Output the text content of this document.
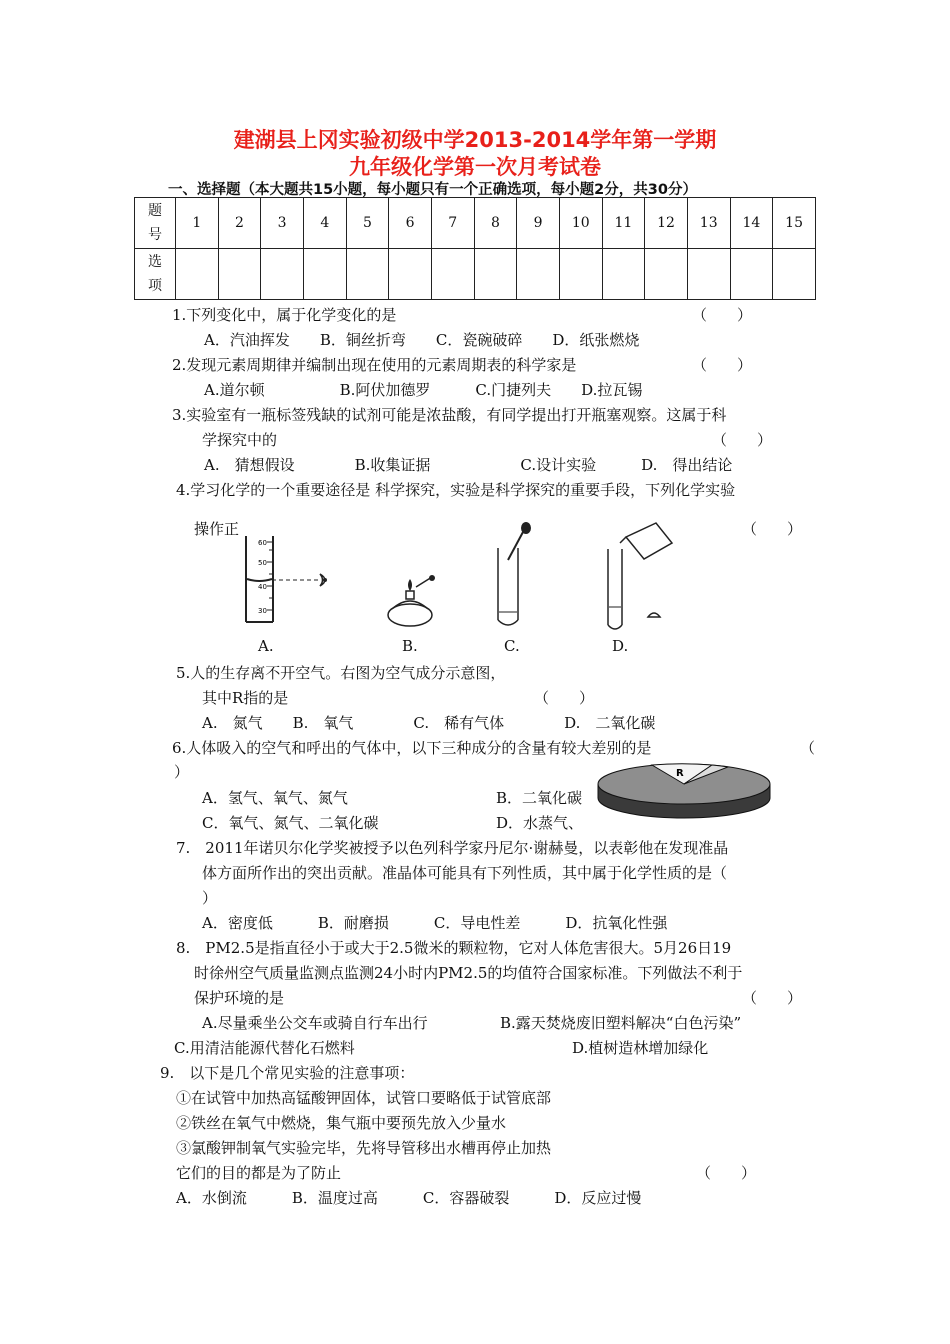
建湖县上冈实验初级中学2013-2014学年第一学期
九年级化学第一次月考试卷
一、选择题（本大题共15小题，每小题只有一个正确选项，每小题2分，共30分）
题
号	1	2	3	4	5	6	7	8	9	10	11	12	13	14	15
选
项															
1.下列变化中，属于化学变化的是	（　　）
A．汽油挥发　　B．铜丝折弯　　C．瓷碗破碎　　D．纸张燃烧
2.发现元素周期律并编制出现在使用的元素周期表的科学家是	（　　）
A.道尔顿　　　　　B.阿伏加德罗　　　C.门捷列夫　　D.拉瓦锡
3.实验室有一瓶标签残缺的试剂可能是浓盐酸，有同学提出打开瓶塞观察。这属于科
学探究中的	（　　）
A.　猜想假设　　　　B.收集证据　　　　　　C.设计实验　　　D.　得出结论
4.学习化学的一个重要途径是 科学探究，实验是科学探究的重要手段，下列化学实验
操作正	（　　）
60
50
40
30
A.	B.	C.	D.
5.人的生存离不开空气。右图为空气成分示意图，
其中R指的是	（　　）
A.　氮气　　B.　氧气　　　　C.　稀有气体　　　　D.　二氧化碳
6.人体吸入的空气和呼出的气体中，以下三种成分的含量有较大差别的是	（
）
A．氢气、氧气、氮气	B．二氧化碳
C．氧气、氮气、二氧化碳	D．水蒸气、
R
7.　2011年诺贝尔化学奖被授予以色列科学家丹尼尔·谢赫曼，以表彰他在发现准晶
体方面所作出的突出贡献。准晶体可能具有下列性质，其中属于化学性质的是（
）
A．密度低　　　B．耐磨损　　　C．导电性差　　　D．抗氧化性强
8.　PM2.5是指直径小于或大于2.5微米的颗粒物，它对人体危害很大。5月26日19
时徐州空气质量监测点监测24小时内PM2.5的均值符合国家标准。下列做法不利于
保护环境的是	（　　）
A.尽量乘坐公交车或骑自行车出行	B.露天焚烧废旧塑料解决“白色污染”
C.用清洁能源代替化石燃料	D.植树造林增加绿化
9.　以下是几个常见实验的注意事项：
①在试管中加热高锰酸钾固体，试管口要略低于试管底部
②铁丝在氧气中燃烧，集气瓶中要预先放入少量水
③氯酸钾制氧气实验完毕，先将导管移出水槽再停止加热
它们的目的都是为了防止	（　　）
A．水倒流　　　B．温度过高　　　C．容器破裂　　　D．反应过慢
